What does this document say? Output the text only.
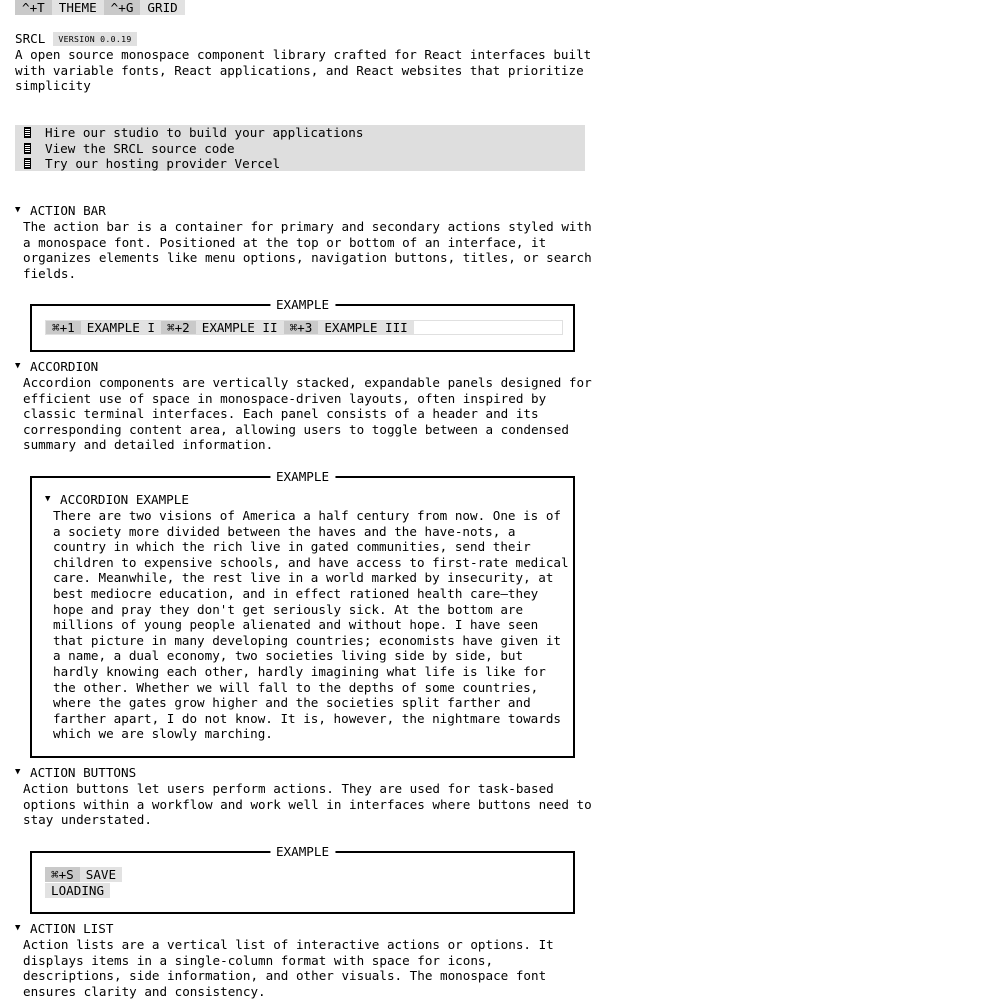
^+T	THEME	^+G	GRID
SRCL	VERSION 0.0.19
A open source monospace component library crafted for React interfaces built
with variable fonts, React applications, and React websites that prioritize
simplicity
Hire our studio to build your applications
View the SRCL source code
Try our hosting provider Vercel
▼ ACTION BAR
The action bar is a container for primary and secondary actions styled with
a monospace font. Positioned at the top or bottom of an interface, it
organizes elements like menu options, navigation buttons, titles, or search
fields.
EXAMPLE
⌘+1 EXAMPLE I ⌘+2 EXAMPLE II ⌘+3 EXAMPLE III
▼ ACCORDION
Accordion components are vertically stacked, expandable panels designed for
efficient use of space in monospace-driven layouts, often inspired by
classic terminal interfaces. Each panel consists of a header and its
corresponding content area, allowing users to toggle between a condensed
summary and detailed information.
EXAMPLE
▼ ACCORDION EXAMPLE
There are two visions of America a half century from now. One is of
a society more divided between the haves and the have-nots, a
country in which the rich live in gated communities, send their
children to expensive schools, and have access to first-rate medical
care. Meanwhile, the rest live in a world marked by insecurity, at
best mediocre education, and in effect rationed health care—they
hope and pray they don't get seriously sick. At the bottom are
millions of young people alienated and without hope. I have seen
that picture in many developing countries; economists have given it
a name, a dual economy, two societies living side by side, but
hardly knowing each other, hardly imagining what life is like for
the other. Whether we will fall to the depths of some countries,
where the gates grow higher and the societies split farther and
farther apart, I do not know. It is, however, the nightmare towards
which we are slowly marching.
▼ ACTION BUTTONS
Action buttons let users perform actions. They are used for task-based
options within a workflow and work well in interfaces where buttons need to
stay understated.
EXAMPLE
⌘+S SAVE
LOADING
▼ ACTION LIST
Action lists are a vertical list of interactive actions or options. It
displays items in a single-column format with space for icons,
descriptions, side information, and other visuals. The monospace font
ensures clarity and consistency.
